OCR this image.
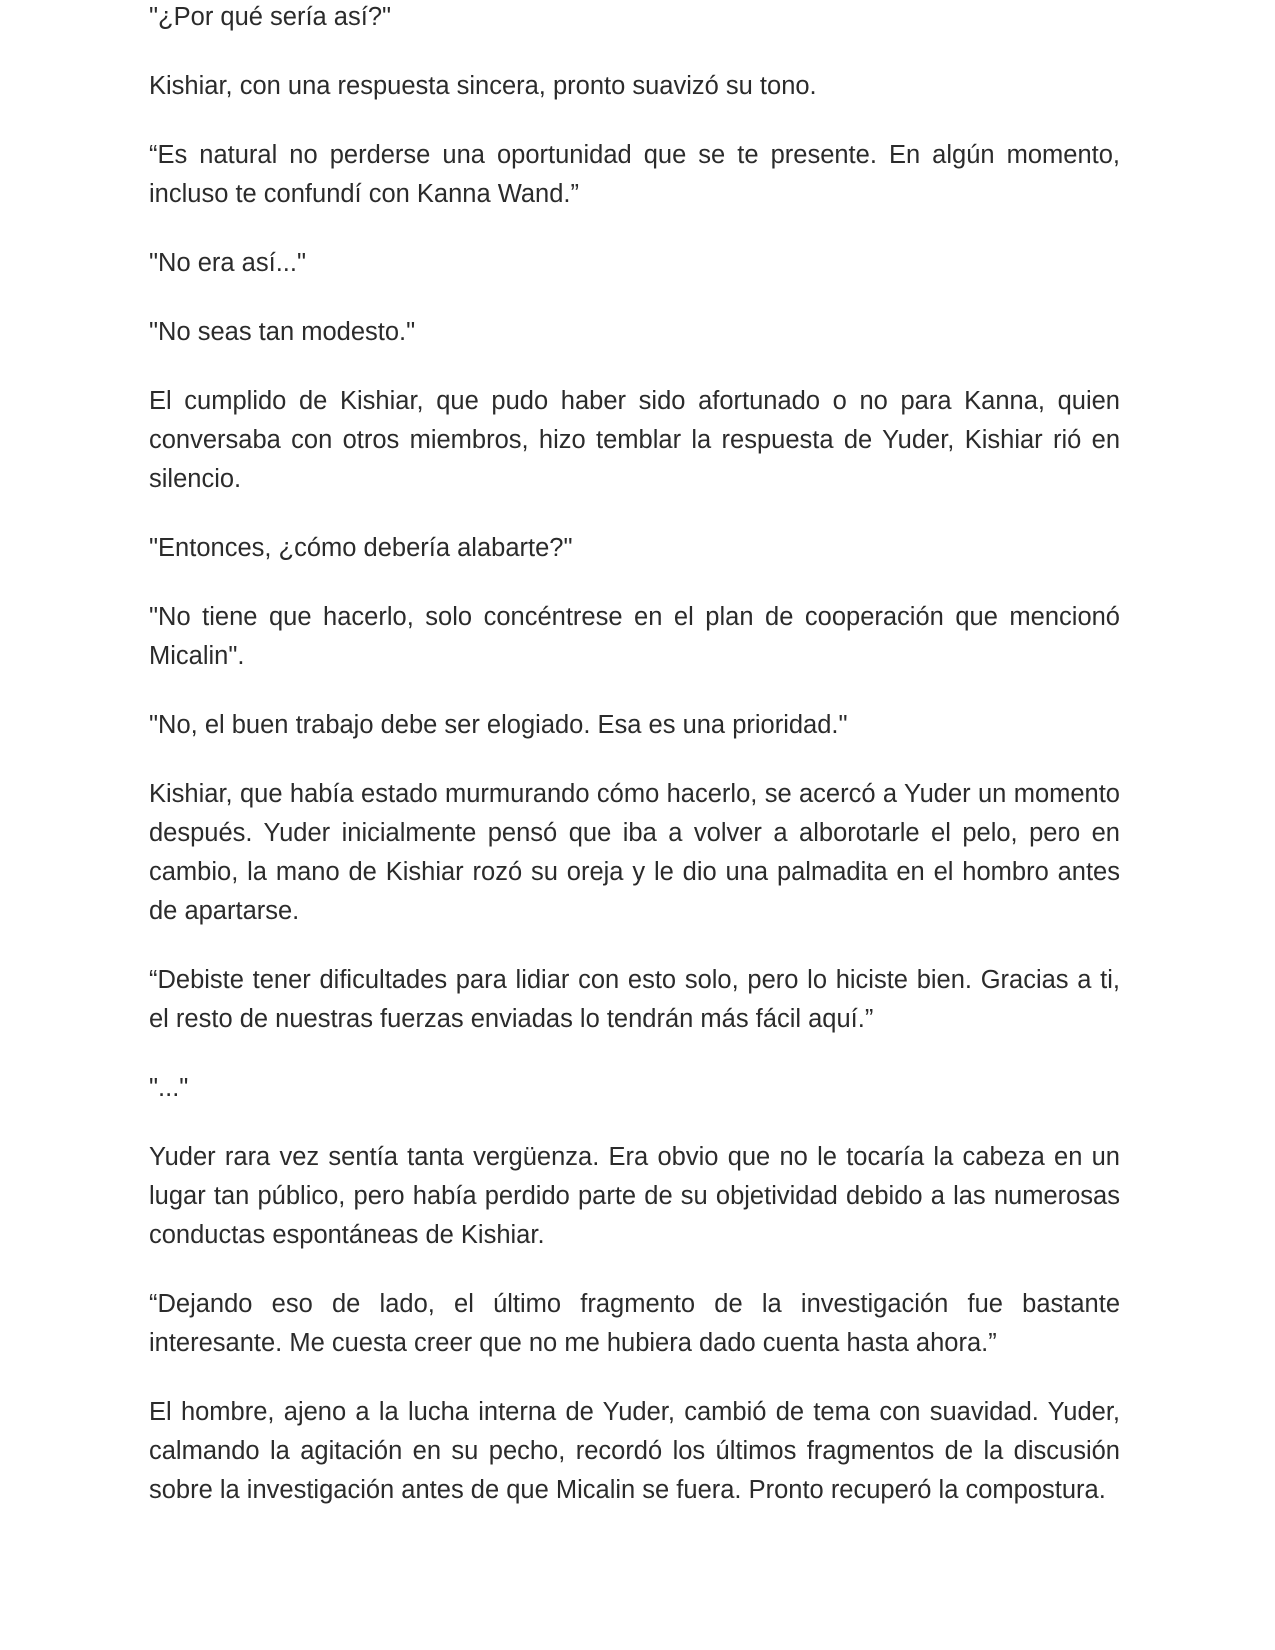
"¿Por qué sería así?"

Kishiar, con una respuesta sincera, pronto suavizó su tono.

“Es natural no perderse una oportunidad que se te presente. En algún momento, incluso te confundí con Kanna Wand.”

"No era así..."

"No seas tan modesto."

El cumplido de Kishiar, que pudo haber sido afortunado o no para Kanna, quien conversaba con otros miembros, hizo temblar la respuesta de Yuder, Kishiar rió en silencio.

"Entonces, ¿cómo debería alabarte?"

"No tiene que hacerlo, solo concéntrese en el plan de cooperación que mencionó Micalin".

"No, el buen trabajo debe ser elogiado. Esa es una prioridad."

Kishiar, que había estado murmurando cómo hacerlo, se acercó a Yuder un momento después. Yuder inicialmente pensó que iba a volver a alborotarle el pelo, pero en cambio, la mano de Kishiar rozó su oreja y le dio una palmadita en el hombro antes de apartarse.

“Debiste tener dificultades para lidiar con esto solo, pero lo hiciste bien. Gracias a ti, el resto de nuestras fuerzas enviadas lo tendrán más fácil aquí.”

"..."

Yuder rara vez sentía tanta vergüenza. Era obvio que no le tocaría la cabeza en un lugar tan público, pero había perdido parte de su objetividad debido a las numerosas conductas espontáneas de Kishiar.

“Dejando eso de lado, el último fragmento de la investigación fue bastante interesante. Me cuesta creer que no me hubiera dado cuenta hasta ahora.”

El hombre, ajeno a la lucha interna de Yuder, cambió de tema con suavidad. Yuder, calmando la agitación en su pecho, recordó los últimos fragmentos de la discusión sobre la investigación antes de que Micalin se fuera. Pronto recuperó la compostura.
